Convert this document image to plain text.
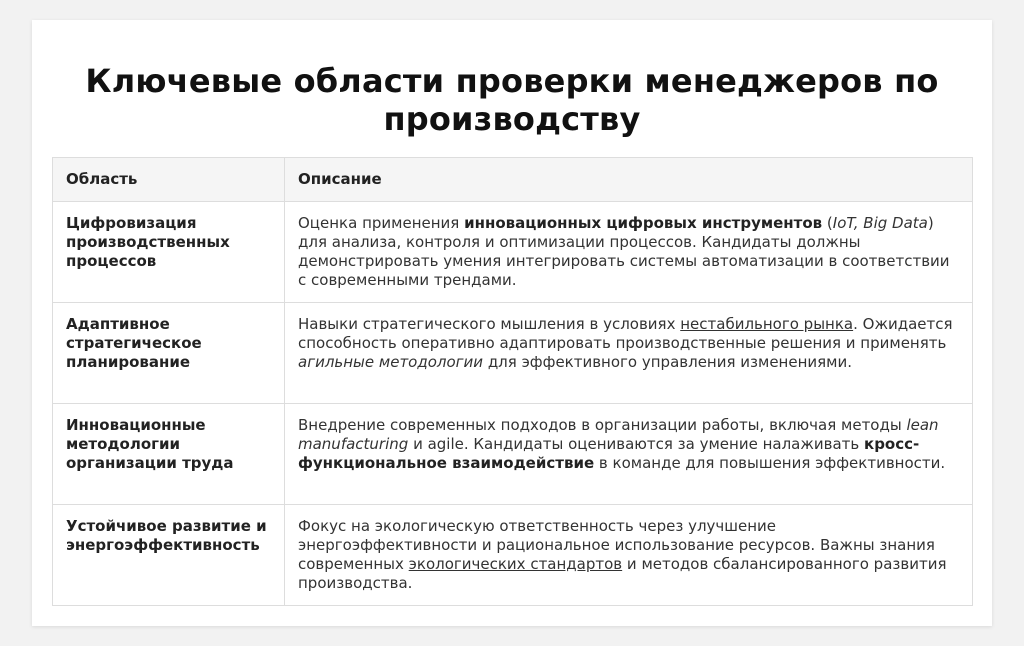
Ключевые области проверки менеджеров по производству
Область	Описание
Цифровизация производственных процессов	Оценка применения инновационных цифровых инструментов (IoT, Big Data) для анализа, контроля и оптимизации процессов. Кандидаты должны демонстрировать умения интегрировать системы автоматизации в соответствии с современными трендами.
Адаптивное стратегическое планирование	Навыки стратегического мышления в условиях нестабильного рынка. Ожидается способность оперативно адаптировать производственные решения и применять агильные методологии для эффективного управления изменениями.
Инновационные методологии организации труда	Внедрение современных подходов в организации работы, включая методы lean manufacturing и agile. Кандидаты оцениваются за умение налаживать кросс-функциональное взаимодействие в команде для повышения эффективности.
Устойчивое развитие и энергоэффективность	Фокус на экологическую ответственность через улучшение энергоэффективности и рациональное использование ресурсов. Важны знания современных экологических стандартов и методов сбалансированного развития производства.
